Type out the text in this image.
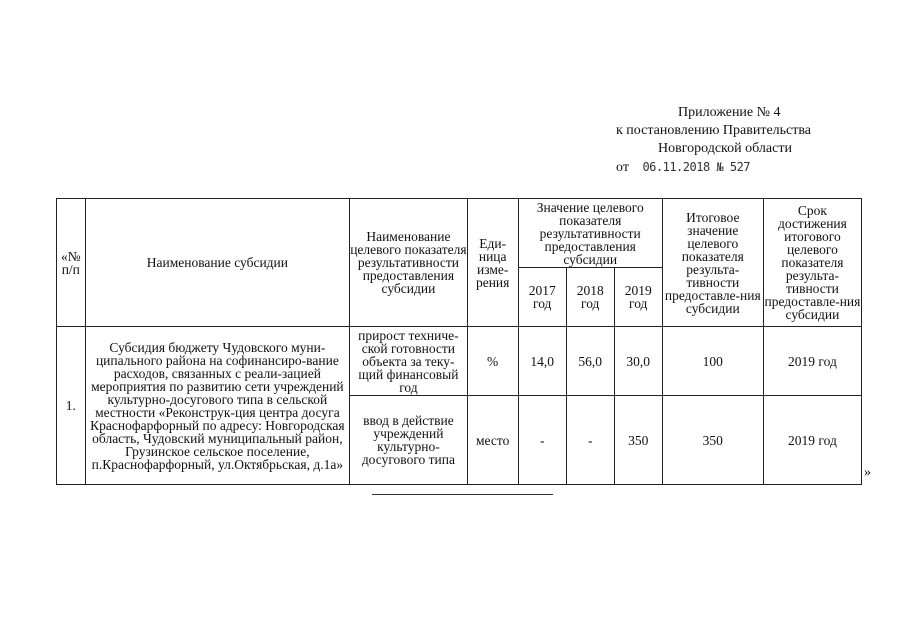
Приложение № 4
к постановлению Правительства
Новгородской области
от 06.11.2018 № 527
«№ п/п	Наименование субсидии	Наименование целевого показателя результативности предоставления субсидии	Еди-ница изме-рения	Значение целевого показателя результативности предоставления субсидии			Итоговое значение целевого показателя результа-тивности предоставле-ния субсидии	Срок достижения итогового целевого показателя результа-тивности предоставле-ния субсидии
				2017 год	2018 год	2019 год		
1.	Субсидия бюджету Чудовского муни-ципального района на софинансиро-вание расходов, связанных с реали-зацией мероприятия по развитию сети учреждений культурно-досугового типа в сельской местности «Реконструк-ция центра досуга Краснофарфорный по адресу: Новгородская область, Чудовский муниципальный район, Грузинское сельское поселение, п.Краснофарфорный, ул.Октябрьская, д.1а»	прирост техниче-ской готовности объекта за теку-щий финансовый год	%	14,0	56,0	30,0	100	2019 год
		ввод в действие учреждений культурно-досугового типа	место	-	-	350	350	2019 год
»
